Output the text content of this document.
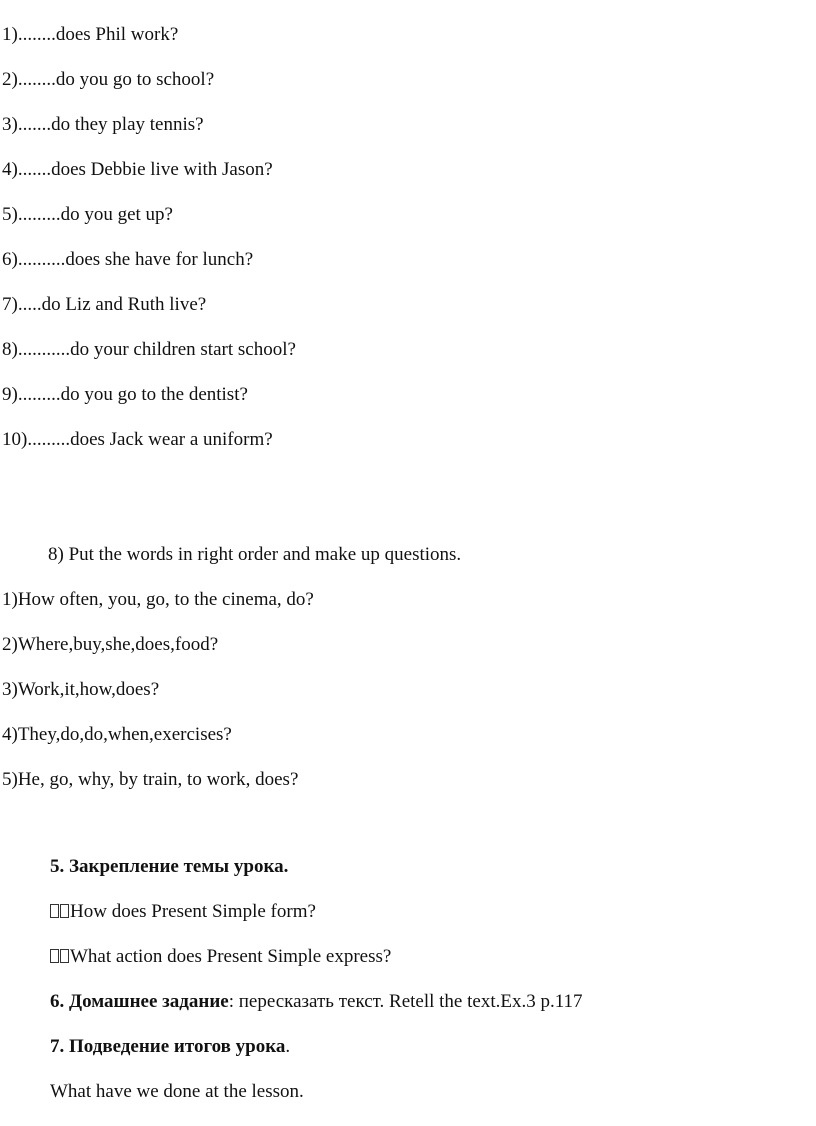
1)........does Phil work?
2)........do you go to school?
3).......do they play tennis?
4).......does Debbie live with Jason?
5).........do you get up?
6)..........does she have for lunch?
7).....do Liz and Ruth live?
8)...........do your children start school?
9).........do you go to the dentist?
10).........does Jack wear a uniform?
8) Put the words in right order and make up questions.
1)How often, you, go, to the cinema, do?
2)Where,buy,she,does,food?
3)Work,it,how,does?
4)They,do,do,when,exercises?
5)He, go, why, by train, to work, does?
5. Закрепление темы урока.
How does Present Simple form?
What action does Present Simple express?
6. Домашнее задание: пересказать текст. Retell the text.Ex.3 p.117
7. Подведение итогов урока.
What have we done at the lesson.
